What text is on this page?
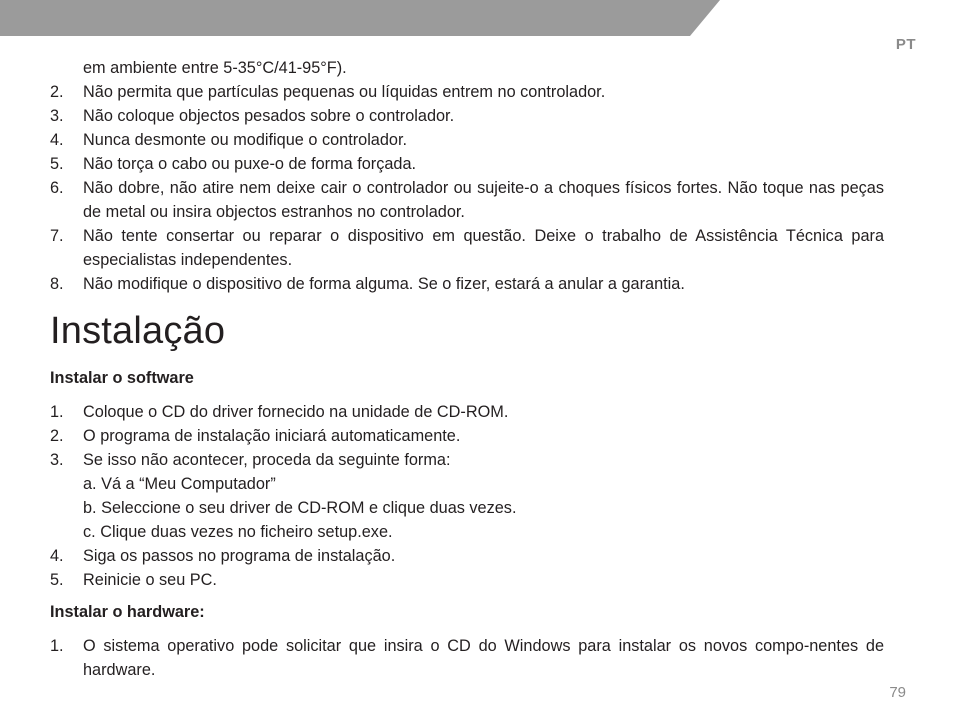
PT
em ambiente entre 5-35°C/41-95°F).
2.	Não permita que partículas pequenas ou líquidas entrem no controlador.
3.	Não coloque objectos pesados sobre o controlador.
4.	Nunca desmonte ou modifique o controlador.
5.	Não torça o cabo ou puxe-o de forma forçada.
6.	Não dobre, não atire nem deixe cair o controlador ou sujeite-o a choques físicos fortes. Não toque nas peças de metal ou insira objectos estranhos no controlador.
7.	Não tente consertar ou reparar o dispositivo em questão. Deixe o trabalho de Assistência Técnica para especialistas independentes.
8.	Não modifique o dispositivo de forma alguma. Se o fizer, estará a anular a garantia.
Instalação
Instalar o software
1.	Coloque o CD do driver fornecido na unidade de CD-ROM.
2.	O programa de instalação iniciará automaticamente.
3.	Se isso não acontecer, proceda da seguinte forma:
a. Vá a “Meu Computador”
b. Seleccione o seu driver de CD-ROM e clique duas vezes.
c. Clique duas vezes no ficheiro setup.exe.
4.	Siga os passos no programa de instalação.
5.	Reinicie o seu PC.
Instalar o hardware:
1.	O sistema operativo pode solicitar que insira o CD do Windows para instalar os novos compo-nentes de hardware.
79
